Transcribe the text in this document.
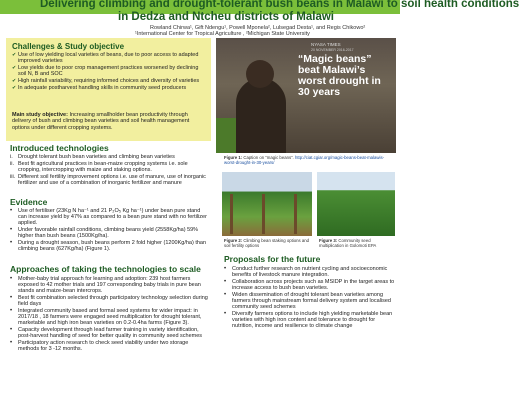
Delivering climbing and drought-tolerant bush beans in Malawi to soil health conditions
in Dedza and Ntcheu districts of Malawi
Rowland Chirwa¹, Gift Ndengu¹, Powell Mponela², Lulsegad Desta¹, and Regis Chikowo²
¹International Center for Tropical Agriculture , ²Michigan State University
Challenges & Study objective
✔ Use of low yielding local varieties of beans, due to poor access to adapted improved varieties
✔ Low yields due to poor crop management practices worsened by declining soil N, B and SOC
✔ High rainfall variability, requiring informed choices and diversity of varieties
✔ In adequate postharvest handling skills in community seed producers
Main study objective: Increasing smallholder bean productivity through delivery of bush and climbing bean varieties and soil health management options under different cropping systems.
Introduced technologies
i. Drought tolerant bush bean varieties and climbing bean varieties
ii. Best fit agricultural practices in bean-maize cropping systems i.e. sole cropping, intercropping with maize and staking options.
iii. Different soil fertility improvement options i.e. use of manure, use of inorganic fertilizer and use of a combination of inorganic fertilizer and manure
Evidence
• Use of fertiliser (23Kg N ha⁻¹ and 21 P₂O₅ Kg ha⁻¹) under bean pure stand can increase yield by 47% as compared to a bean pure stand with no fertilizer applied.
• Under favorable rainfall conditions, climbing beans yield (2558Kg/ha) 59% higher than bush beans (1500Kg/ha).
• During a drought season, bush beans perform 2 fold higher (1200Kg/ha) than climbing beans (627Kg/ha) (Figure 1).
Approaches of taking the technologies to scale
• Mother-baby trial approach for learning and adoption: 239 host farmers exposed to 42 mother trials and 197 corresponding baby trials in pure bean stands and maize-bean intercrops.
• Best fit combination selected through participatory technology selection during field days
• Integrated community based and formal seed systems for wider impact: in 2017/18 , 18 farmers were engaged seed multiplication for drought tolerant, marketable and high iron bean varieties on 0.2-0.4ha farms (Figure 3).
• Capacity development through lead farmer training in variety identification, post-harvest handling of seed for better quality in community seed schemes
• Participatory action research to check seed viability under two storage methods for 3 -12 months.
NYASA TIMES
20 NOVEMBER 2016-2017
“Magic beans” beat Malawi’s worst drought in 30 years
Figure 1: Caption on “magic beans”. http://ciat.cgiar.org/magic-beans-beat-malawis-worst-drought-in-30-years/
Figure 2: Climbing bean staking options and soil fertility options
Figure 3: Community seed multiplication in Golomoti EPA
Proposals for the future
• Conduct further research on nutrient cycling and socioeconomic benefits of livestock manure integration.
• Collaboration across projects such as MSIDP in the target areas to increase access to bush bean varieties.
• Widen dissemination of drought tolerant bean varieties among farmers through mainstream formal delivery system and localised community seed schemes
• Diversify farmers options to include high yielding marketable bean varieties with high iron content and tolerance to drought for nutrition, income and resilience to climate change
